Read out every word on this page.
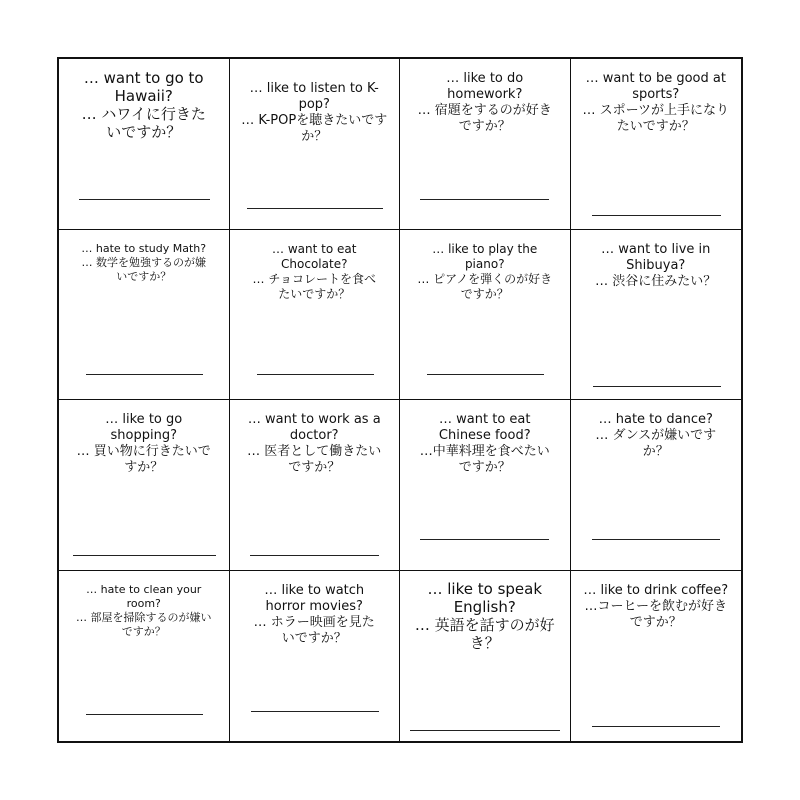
… want to go to Hawaii?
… ハワイに行きたいですか？
… like to listen to K-pop?
… K-POPを聴きたいですか？
… like to do homework?
… 宿題をするのが好きですか？
… want to be good at sports?
… スポーツが上手になりたいですか？
… hate to study Math?
… 数学を勉強するのが嫌いですか？
… want to eat Chocolate?
… チョコレートを食べたいですか？
… like to play the piano?
… ピアノを弾くのが好きですか？
… want to live in Shibuya?
… 渋谷に住みたい？
… like to go shopping?
… 買い物に行きたいですか？
… want to work as a doctor?
… 医者として働きたいですか？
… want to eat Chinese food?
…中華料理を食べたいですか？
… hate to dance?
… ダンスが嫌いですか？
… hate to clean your room?
… 部屋を掃除するのが嫌いですか？
… like to watch horror movies?
… ホラー映画を見たいですか？
… like to speak English?
… 英語を話すのが好き？
… like to drink coffee?
…コーヒーを飲むが好きですか？
